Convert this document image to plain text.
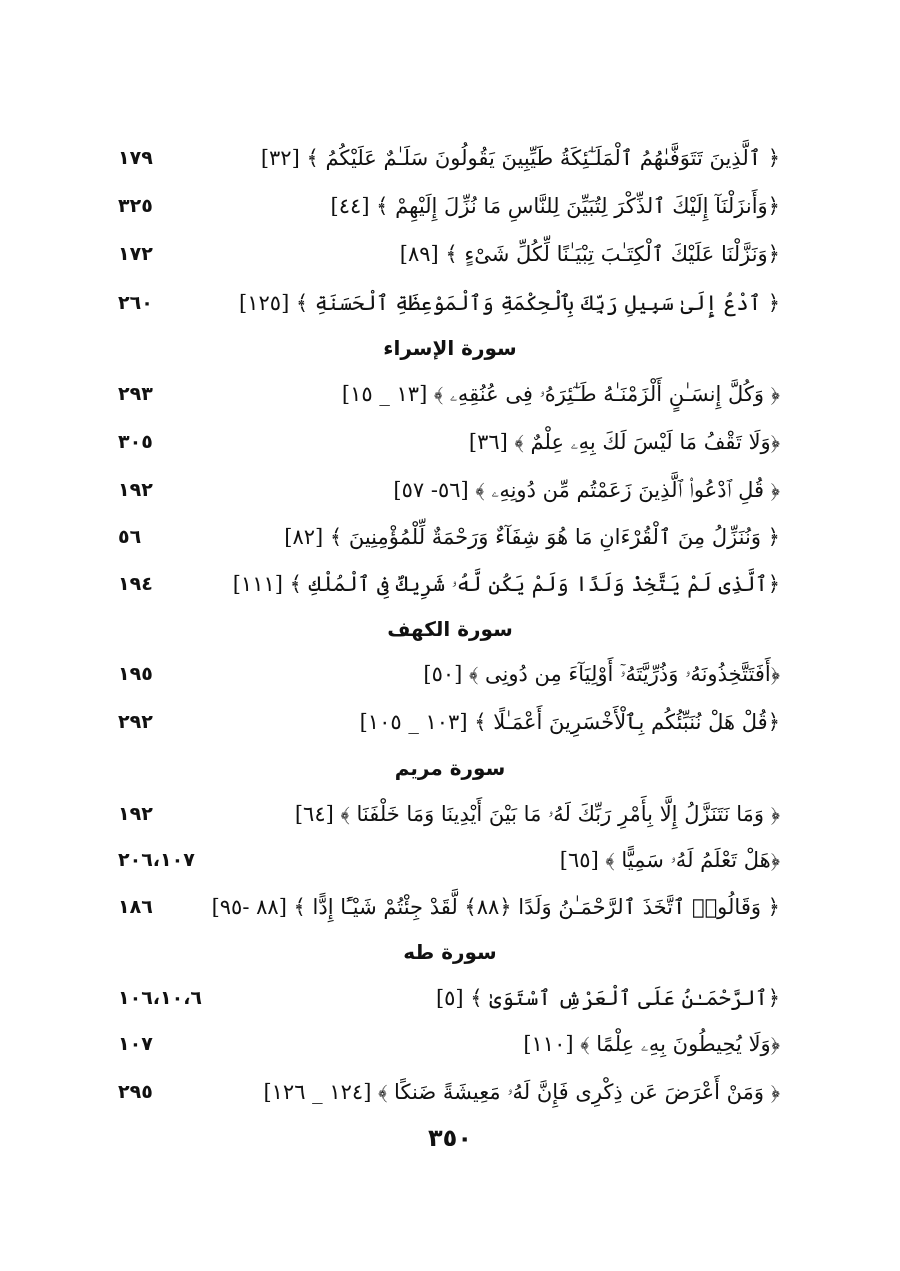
﴿ ٱلَّذِينَ تَتَوَفَّىٰهُمُ ٱلْمَلَـٰٓئِكَةُ طَيِّبِينَ يَقُولُونَ سَلَـٰمٌ عَلَيْكُمُ ﴾ [٣٢]
١٧٩
﴿وَأَنزَلْنَآ إِلَيْكَ ٱلذِّكْرَ لِتُبَيِّنَ لِلنَّاسِ مَا نُزِّلَ إِلَيْهِمْ ﴾ [٤٤]
٣٢٥
﴿وَنَزَّلْنَا عَلَيْكَ ٱلْكِتَـٰبَ تِبْيَـٰنًا لِّكُلِّ شَىْءٍ ﴾ [٨٩]
١٧٢
﴿ ٱدْعُ إِلَىٰ سَبِيلِ رَبِّكَ بِٱلْحِكْمَةِ وَٱلْمَوْعِظَةِ ٱلْحَسَنَةِ ﴾ [١٢٥]
٢٦٠
سورة الإسراء
﴿ وَكُلَّ إِنسَـٰنٍ أَلْزَمْنَـٰهُ طَـٰٓئِرَهُۥ فِى عُنُقِهِۦ ﴾ [١٣ _ ١٥]
٢٩٣
﴿وَلَا تَقْفُ مَا لَيْسَ لَكَ بِهِۦ عِلْمٌ ﴾ [٣٦]
٣٠٥
﴿ قُلِ ٱدْعُوا۟ ٱلَّذِينَ زَعَمْتُم مِّن دُونِهِۦ ﴾ [٥٦- ٥٧]
١٩٢
﴿ وَنُنَزِّلُ مِنَ ٱلْقُرْءَانِ مَا هُوَ شِفَآءٌ وَرَحْمَةٌ لِّلْمُؤْمِنِينَ ﴾ [٨٢]
٥٦
﴿ٱلَّذِى لَمْ يَتَّخِذْ وَلَدًا وَلَمْ يَكُن لَّهُۥ شَرِيكٌ فِى ٱلْمُلْكِ ﴾ [١١١]
١٩٤
سورة الكهف
﴿أَفَتَتَّخِذُونَهُۥ وَذُرِّيَّتَهُۥٓ أَوْلِيَآءَ مِن دُونِى ﴾ [٥٠]
١٩٥
﴿قُلْ هَلْ نُنَبِّئُكُم بِٱلْأَخْسَرِينَ أَعْمَـٰلًا ﴾ [١٠٣ _ ١٠٥]
٢٩٢
سورة مريم
﴿ وَمَا نَتَنَزَّلُ إِلَّا بِأَمْرِ رَبِّكَ لَهُۥ مَا بَيْنَ أَيْدِينَا وَمَا خَلْفَنَا ﴾ [٦٤]
١٩٢
﴿هَلْ تَعْلَمُ لَهُۥ سَمِيًّا ﴾ [٦٥]
٢٠٦،١٠٧
﴿ وَقَالُوا۟ ٱتَّخَذَ ٱلرَّحْمَـٰنُ وَلَدًا ﴿٨٨﴾ لَّقَدْ جِئْتُمْ شَيْـًٔا إِدًّا ﴾ [٨٨ -٩٥]
١٨٦
سورة طه
﴿ٱلرَّحْمَـٰنُ عَلَى ٱلْعَرْشِ ٱسْتَوَىٰ ﴾ [٥]
١٠٦،١٠،٦
﴿وَلَا يُحِيطُونَ بِهِۦ عِلْمًا ﴾ [١١٠]
١٠٧
﴿ وَمَنْ أَعْرَضَ عَن ذِكْرِى فَإِنَّ لَهُۥ مَعِيشَةً ضَنكًا ﴾ [١٢٤ _ ١٢٦]
٢٩٥
٣٥٠
